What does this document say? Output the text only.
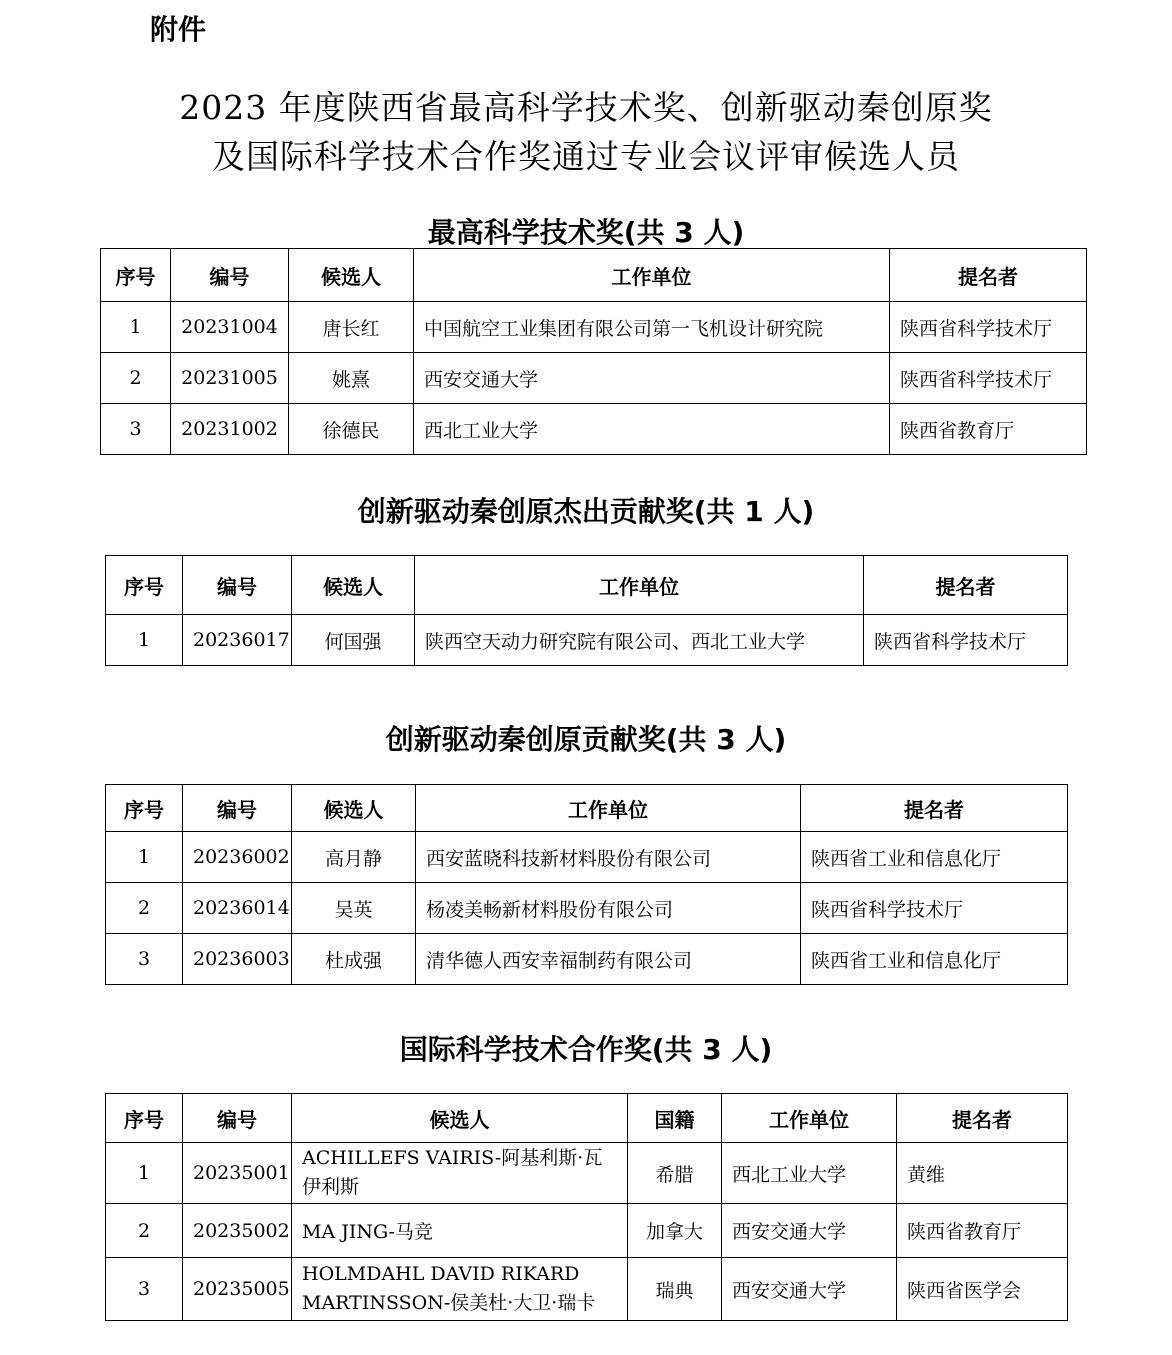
附件
2023 年度陕西省最高科学技术奖、创新驱动秦创原奖
及国际科学技术合作奖通过专业会议评审候选人员
最高科学技术奖(共 3 人)
序号	编号	候选人	工作单位	提名者
1	20231004	唐长红	中国航空工业集团有限公司第一飞机设计研究院	陕西省科学技术厅
2	20231005	姚熹	西安交通大学	陕西省科学技术厅
3	20231002	徐德民	西北工业大学	陕西省教育厅
创新驱动秦创原杰出贡献奖(共 1 人)
序号	编号	候选人	工作单位	提名者
1	20236017	何国强	陕西空天动力研究院有限公司、西北工业大学	陕西省科学技术厅
创新驱动秦创原贡献奖(共 3 人)
序号	编号	候选人	工作单位	提名者
1	20236002	高月静	西安蓝晓科技新材料股份有限公司	陕西省工业和信息化厅
2	20236014	吴英	杨凌美畅新材料股份有限公司	陕西省科学技术厅
3	20236003	杜成强	清华德人西安幸福制药有限公司	陕西省工业和信息化厅
国际科学技术合作奖(共 3 人)
序号	编号	候选人	国籍	工作单位	提名者
1	20235001	ACHILLEFS VAIRIS-阿基利斯·瓦伊利斯	希腊	西北工业大学	黄维
2	20235002	MA JING-马竞	加拿大	西安交通大学	陕西省教育厅
3	20235005	HOLMDAHL DAVID RIKARD MARTINSSON-侯美杜·大卫·瑞卡	瑞典	西安交通大学	陕西省医学会
